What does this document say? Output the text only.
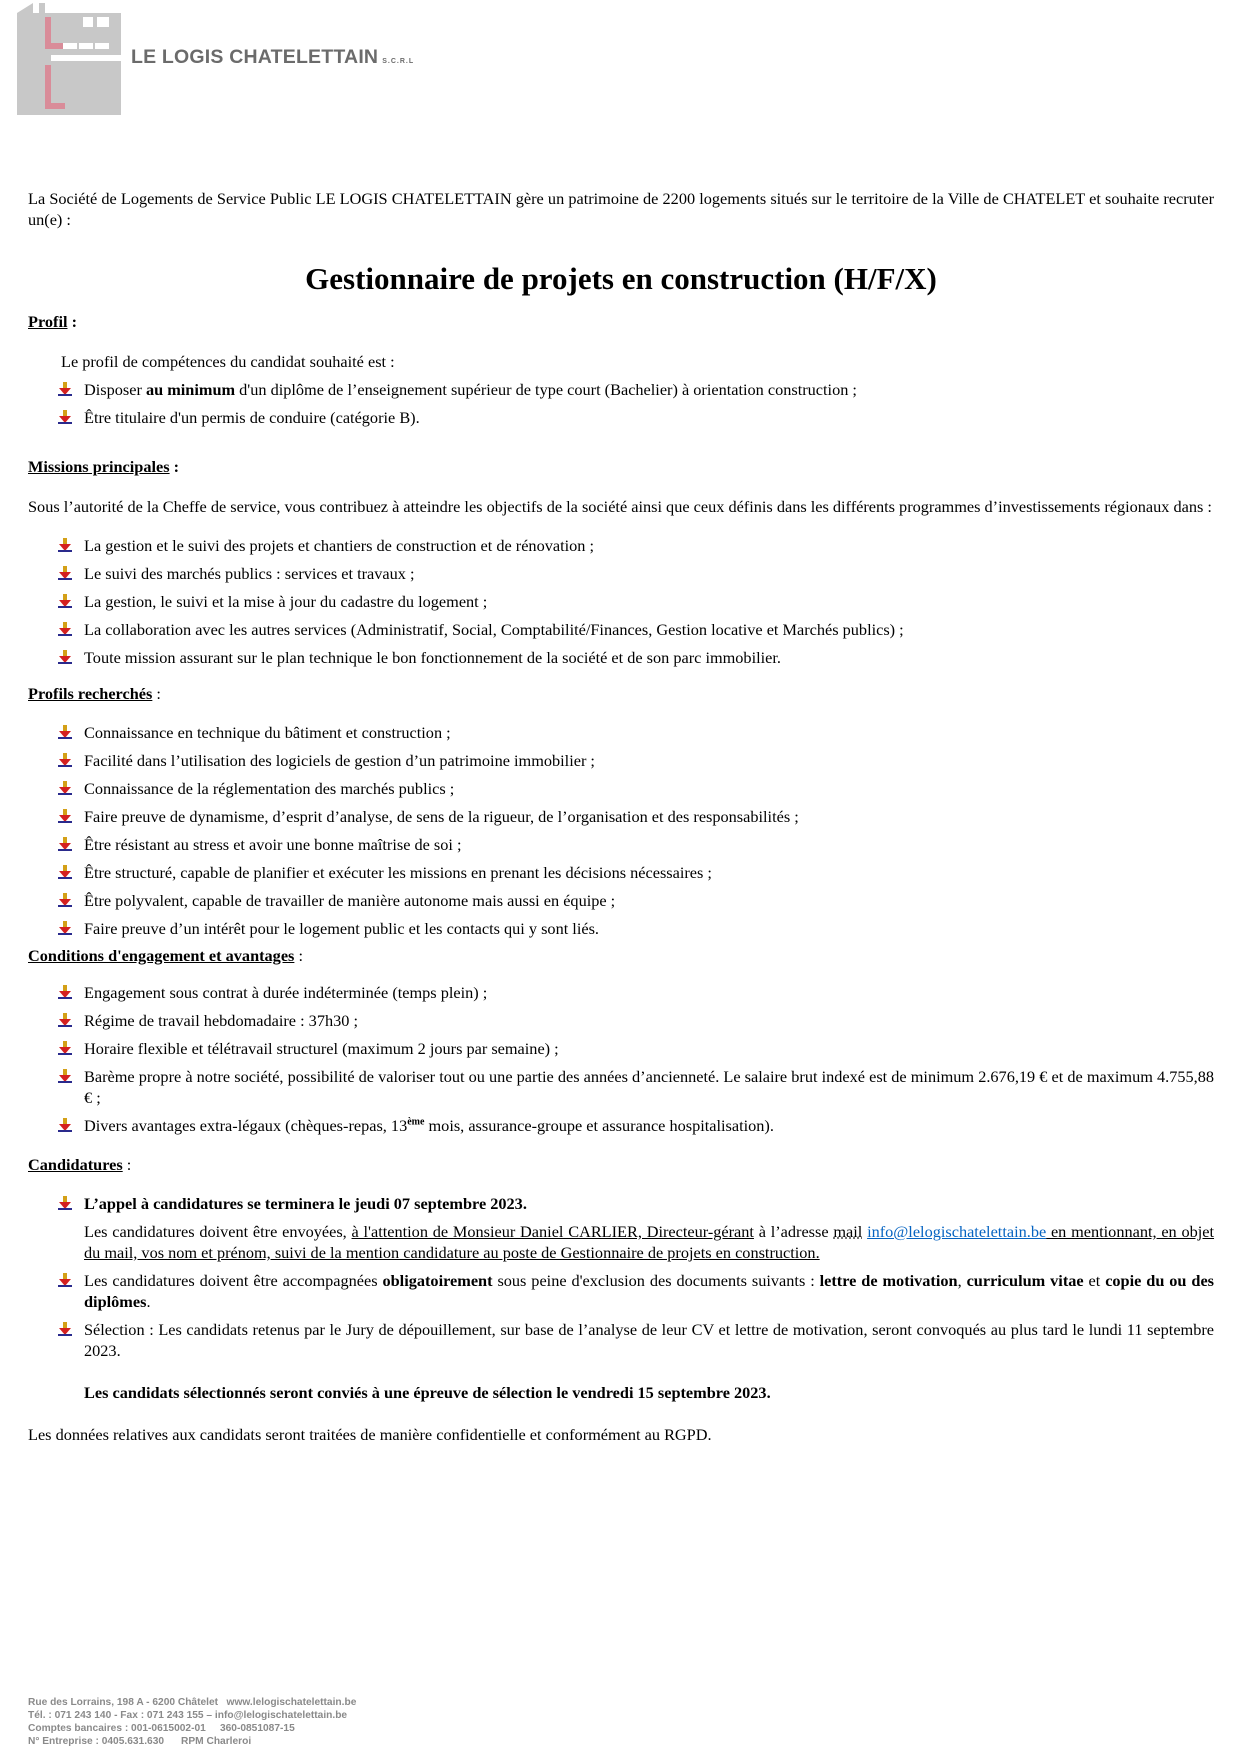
LE LOGIS CHATELETTAIN S.C.R.L

La Société de Logements de Service Public LE LOGIS CHATELETTAIN gère un patrimoine de 2200 logements situés sur le territoire de la Ville de CHATELET et souhaite recruter un(e) :

Gestionnaire de projets en construction (H/F/X)

Profil :

Le profil de compétences du candidat souhaité est :

Disposer au minimum d'un diplôme de l’enseignement supérieur de type court (Bachelier) à orientation construction ;
Être titulaire d'un permis de conduire (catégorie B).

Missions principales :

Sous l’autorité de la Cheffe de service, vous contribuez à atteindre les objectifs de la société ainsi que ceux définis dans les différents programmes d’investissements régionaux dans :

La gestion et le suivi des projets et chantiers de construction et de rénovation ;
Le suivi des marchés publics : services et travaux ;
La gestion, le suivi et la mise à jour du cadastre du logement ;
La collaboration avec les autres services (Administratif, Social, Comptabilité/Finances, Gestion locative et Marchés publics) ;
Toute mission assurant sur le plan technique le bon fonctionnement de la société et de son parc immobilier.

Profils recherchés :

Connaissance en technique du bâtiment et construction ;
Facilité dans l’utilisation des logiciels de gestion d’un patrimoine immobilier ;
Connaissance de la réglementation des marchés publics ;
Faire preuve de dynamisme, d’esprit d’analyse, de sens de la rigueur, de l’organisation et des responsabilités ;
Être résistant au stress et avoir une bonne maîtrise de soi ;
Être structuré, capable de planifier et exécuter les missions en prenant les décisions nécessaires ;
Être polyvalent, capable de travailler de manière autonome mais aussi en équipe ;
Faire preuve d’un intérêt pour le logement public et les contacts qui y sont liés.

Conditions d'engagement et avantages :

Engagement sous contrat à durée indéterminée (temps plein) ;
Régime de travail hebdomadaire : 37h30 ;
Horaire flexible et télétravail structurel (maximum 2 jours par semaine) ;
Barème propre à notre société, possibilité de valoriser tout ou une partie des années d’ancienneté. Le salaire brut indexé est de minimum 2.676,19 € et de maximum 4.755,88 € ;
Divers avantages extra-légaux (chèques-repas, 13ème mois, assurance-groupe et assurance hospitalisation).

Candidatures :

L’appel à candidatures se terminera le jeudi 07 septembre 2023.

Les candidatures doivent être envoyées, à l'attention de Monsieur Daniel CARLIER, Directeur-gérant à l’adresse mail info@lelogischatelettain.be en mentionnant, en objet du mail, vos nom et prénom, suivi de la mention candidature au poste de Gestionnaire de projets en construction.

Les candidatures doivent être accompagnées obligatoirement sous peine d'exclusion des documents suivants : lettre de motivation, curriculum vitae et copie du ou des diplômes.
Sélection : Les candidats retenus par le Jury de dépouillement, sur base de l’analyse de leur CV et lettre de motivation, seront convoqués au plus tard le lundi 11 septembre 2023.

Les candidats sélectionnés seront conviés à une épreuve de sélection le vendredi 15 septembre 2023.

Les données relatives aux candidats seront traitées de manière confidentielle et conformément au RGPD.

Rue des Lorrains, 198 A - 6200 Châtelet   www.lelogischatelettain.be
Tél. : 071 243 140 - Fax : 071 243 155 – info@lelogischatelettain.be
Comptes bancaires : 001-0615002-01     360-0851087-15
N° Entreprise : 0405.631.630      RPM Charleroi
